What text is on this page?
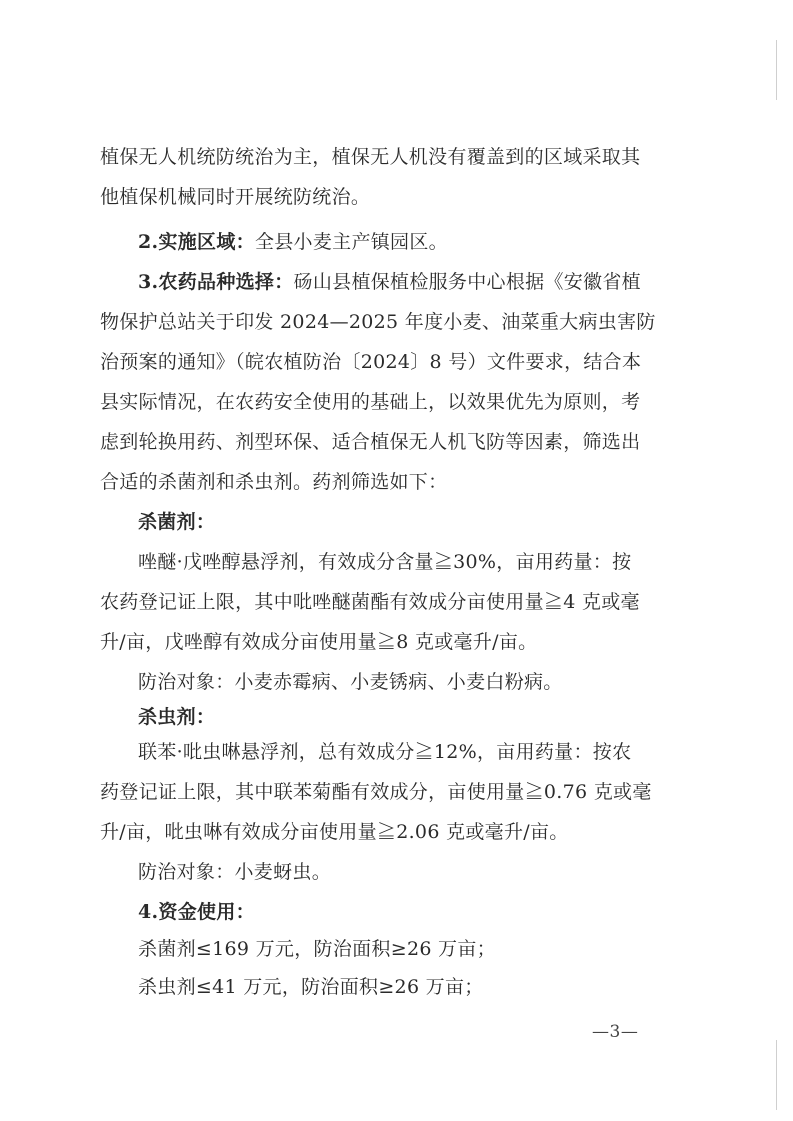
植保无人机统防统治为主，植保无人机没有覆盖到的区域采取其

他植保机械同时开展统防统治。

2.实施区域：全县小麦主产镇园区。

3.农药品种选择：砀山县植保植检服务中心根据《安徽省植

物保护总站关于印发 2024—2025 年度小麦、油菜重大病虫害防

治预案的通知》（皖农植防治〔2024〕8 号）文件要求，结合本

县实际情况，在农药安全使用的基础上，以效果优先为原则，考

虑到轮换用药、剂型环保、适合植保无人机飞防等因素，筛选出

合适的杀菌剂和杀虫剂。药剂筛选如下：

杀菌剂：

唑醚·戊唑醇悬浮剂，有效成分含量≧30%，亩用药量：按

农药登记证上限，其中吡唑醚菌酯有效成分亩使用量≧4 克或毫

升/亩，戊唑醇有效成分亩使用量≧8 克或毫升/亩。

防治对象：小麦赤霉病、小麦锈病、小麦白粉病。

杀虫剂：

联苯·吡虫啉悬浮剂，总有效成分≧12%，亩用药量：按农

药登记证上限，其中联苯菊酯有效成分，亩使用量≧0.76 克或毫

升/亩，吡虫啉有效成分亩使用量≧2.06 克或毫升/亩。

防治对象：小麦蚜虫。

4.资金使用：

杀菌剂≤169 万元，防治面积≥26 万亩；

杀虫剂≤41 万元，防治面积≥26 万亩；

—3—
